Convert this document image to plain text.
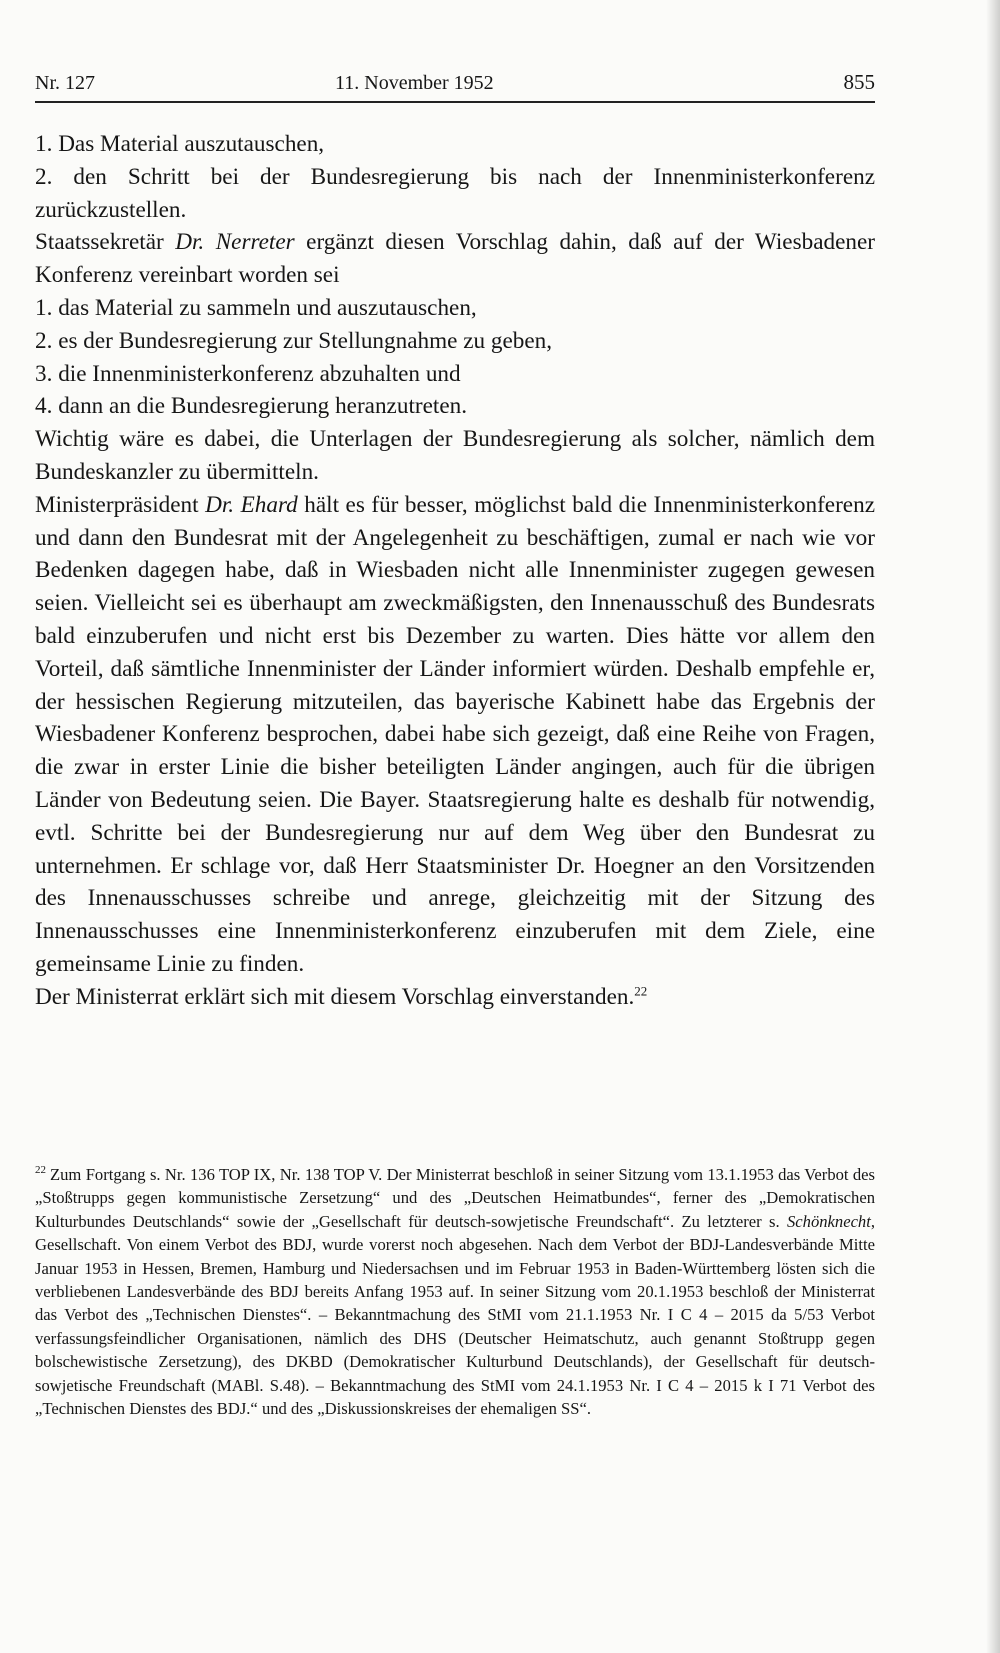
Nr. 127	11. November 1952	855

1. Das Material auszutauschen,

2. den Schritt bei der Bundesregierung bis nach der Innenministerkonferenz zurückzustellen.

Staatssekretär Dr. Nerreter ergänzt diesen Vorschlag dahin, daß auf der Wiesbadener Konferenz vereinbart worden sei

1. das Material zu sammeln und auszutauschen,

2. es der Bundesregierung zur Stellungnahme zu geben,

3. die Innenministerkonferenz abzuhalten und

4. dann an die Bundesregierung heranzutreten.

Wichtig wäre es dabei, die Unterlagen der Bundesregierung als solcher, nämlich dem Bundeskanzler zu übermitteln.

Ministerpräsident Dr. Ehard hält es für besser, möglichst bald die Innenministerkonferenz und dann den Bundesrat mit der Angelegenheit zu beschäftigen, zumal er nach wie vor Bedenken dagegen habe, daß in Wiesbaden nicht alle Innenminister zugegen gewesen seien. Vielleicht sei es überhaupt am zweckmäßigsten, den Innenausschuß des Bundesrats bald einzuberufen und nicht erst bis Dezember zu warten. Dies hätte vor allem den Vorteil, daß sämtliche Innenminister der Länder informiert würden. Deshalb empfehle er, der hessischen Regierung mitzuteilen, das bayerische Kabinett habe das Ergebnis der Wiesbadener Konferenz besprochen, dabei habe sich gezeigt, daß eine Reihe von Fragen, die zwar in erster Linie die bisher beteiligten Länder angingen, auch für die übrigen Länder von Bedeutung seien. Die Bayer. Staatsregierung halte es deshalb für notwendig, evtl. Schritte bei der Bundesregierung nur auf dem Weg über den Bundesrat zu unternehmen. Er schlage vor, daß Herr Staatsminister Dr. Hoegner an den Vorsitzenden des Innenausschusses schreibe und anrege, gleichzeitig mit der Sitzung des Innenausschusses eine Innenministerkonferenz einzuberufen mit dem Ziele, eine gemeinsame Linie zu finden.

Der Ministerrat erklärt sich mit diesem Vorschlag einverstanden.$^{22}$

$^{22}$ Zum Fortgang s. Nr. 136 TOP IX, Nr. 138 TOP V. Der Ministerrat beschloß in seiner Sitzung vom 13.1.1953 das Verbot des „Stoßtrupps gegen kommunistische Zersetzung“ und des „Deutschen Heimatbundes“, ferner des „Demokratischen Kulturbundes Deutschlands“ sowie der „Gesellschaft für deutsch-sowjetische Freundschaft“. Zu letzterer s. Schönknecht, Gesellschaft. Von einem Verbot des BDJ, wurde vorerst noch abgesehen. Nach dem Verbot der BDJ-Landesverbände Mitte Januar 1953 in Hessen, Bremen, Hamburg und Niedersachsen und im Februar 1953 in Baden-Württemberg lösten sich die verbliebenen Landesverbände des BDJ bereits Anfang 1953 auf. In seiner Sitzung vom 20.1.1953 beschloß der Ministerrat das Verbot des „Technischen Dienstes“. – Bekanntmachung des StMI vom 21.1.1953 Nr. I C 4 – 2015 da 5/53 Verbot verfassungsfeindlicher Organisationen, nämlich des DHS (Deutscher Heimatschutz, auch genannt Stoßtrupp gegen bolschewistische Zersetzung), des DKBD (Demokratischer Kulturbund Deutschlands), der Gesellschaft für deutsch-sowjetische Freundschaft (MABl. S.48). – Bekanntmachung des StMI vom 24.1.1953 Nr. I C 4 – 2015 k I 71 Verbot des „Technischen Dienstes des BDJ.“ und des „Diskussionskreises der ehemaligen SS“.
